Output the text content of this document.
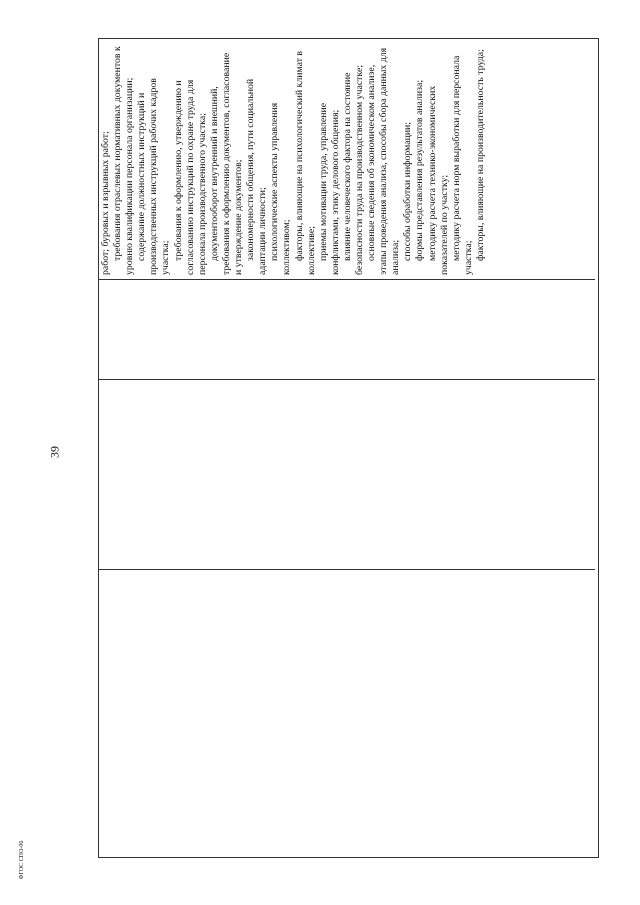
39

работ; буровых и взрывных работ; требования отраслевых нормативных документов к уровню квалификации персонала организации; содержание должностных инструкций и производственных инструкций рабочих кадров участка; требования к оформлению, утверждению и согласованию инструкций по охране труда для персонала производственного участка; документооборот внутренний и внешний, требования к оформлению документов, согласование и утверждение документов; закономерности общения, пути социальной адаптации личности; психологические аспекты управления коллективом; факторы, влияющие на психологический климат в коллективе; приемы мотивации труда, управление конфликтами, этику делового общения; влияние человеческого фактора на состояние безопасности труда на производственном участке; основные сведения об экономическом анализе, этапы проведения анализа, способы сбора данных для анализа; способы обработки информации; формы представления результатов анализа; методику расчета технико-экономических показателей по участку; методику расчета норм выработки для персонала участка; факторы, влияющие на производительность труда;

ФГОС СПО-06
